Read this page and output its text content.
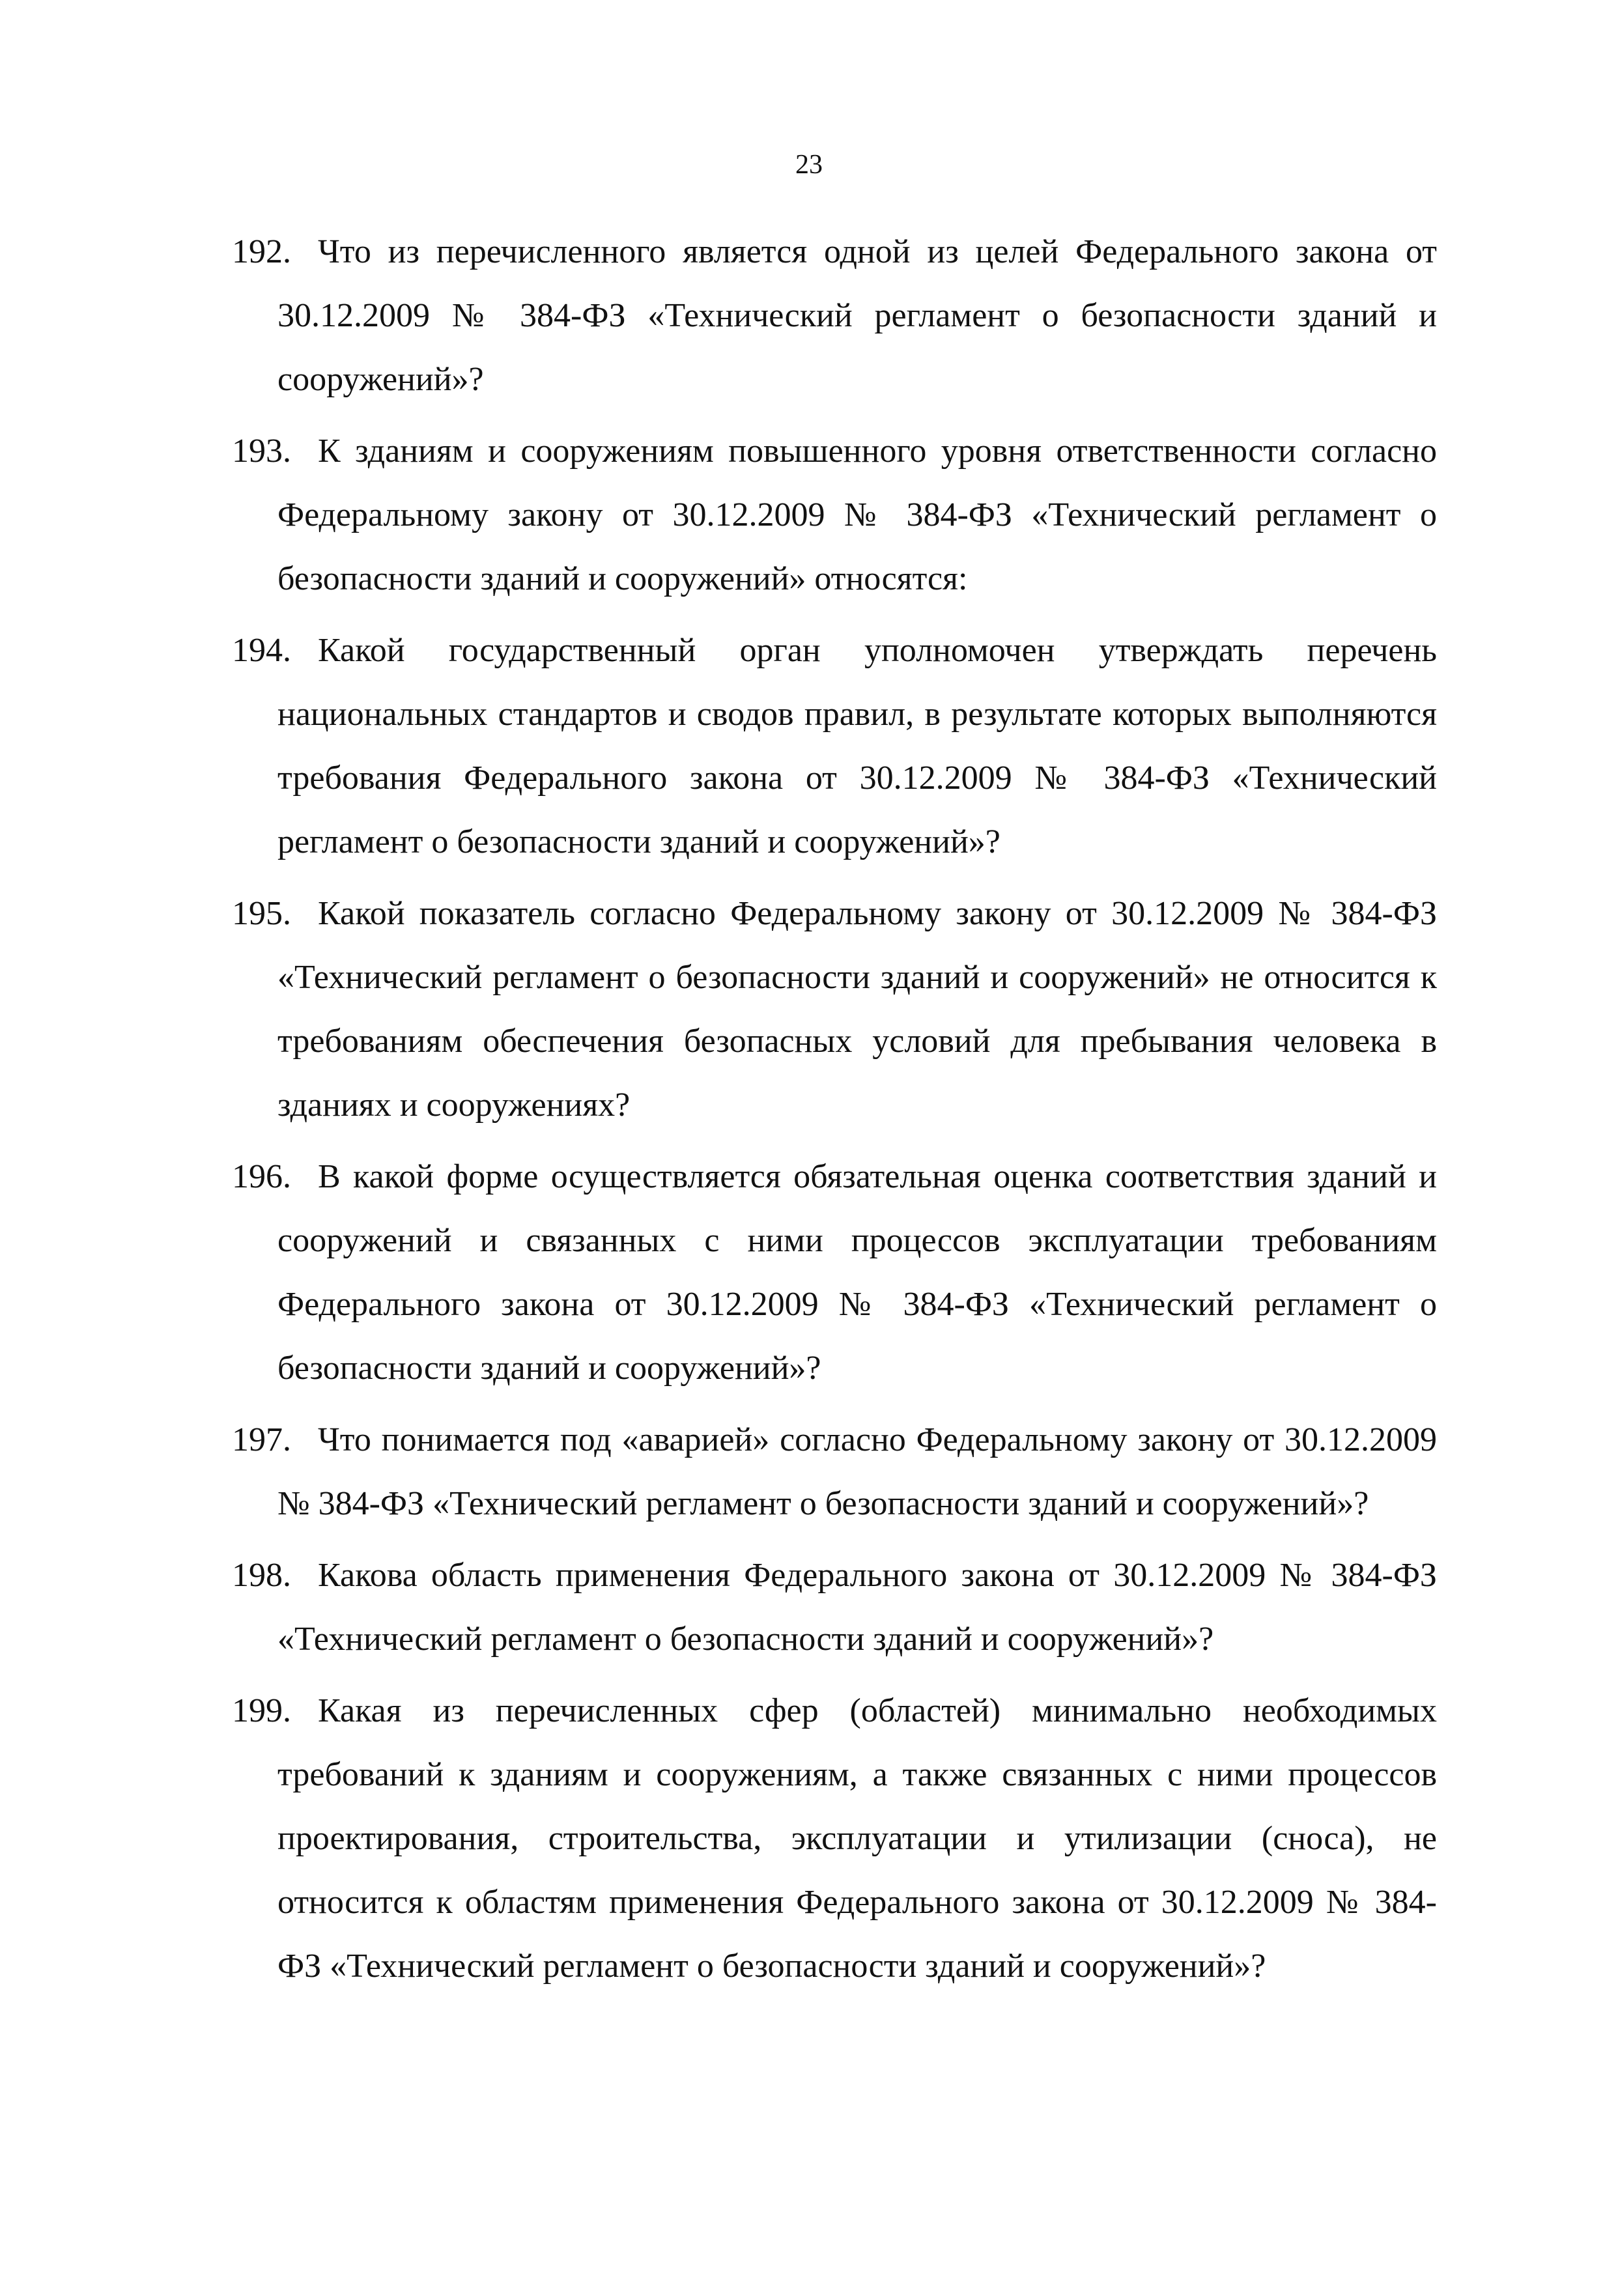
23
192. Что из перечисленного является одной из целей Федерального закона от 30.12.2009 № 384-ФЗ «Технический регламент о безопасности зданий и сооружений»?
193. К зданиям и сооружениям повышенного уровня ответственности согласно Федеральному закону от 30.12.2009 № 384-ФЗ «Технический регламент о безопасности зданий и сооружений» относятся:
194. Какой государственный орган уполномочен утверждать перечень национальных стандартов и сводов правил, в результате которых выполняются требования Федерального закона от 30.12.2009 № 384-ФЗ «Технический регламент о безопасности зданий и сооружений»?
195. Какой показатель согласно Федеральному закону от 30.12.2009 № 384-ФЗ «Технический регламент о безопасности зданий и сооружений» не относится к требованиям обеспечения безопасных условий для пребывания человека в зданиях и сооружениях?
196. В какой форме осуществляется обязательная оценка соответствия зданий и сооружений и связанных с ними процессов эксплуатации требованиям Федерального закона от 30.12.2009 № 384-ФЗ «Технический регламент о безопасности зданий и сооружений»?
197. Что понимается под «аварией» согласно Федеральному закону от 30.12.2009 № 384-ФЗ «Технический регламент о безопасности зданий и сооружений»?
198. Какова область применения Федерального закона от 30.12.2009 № 384-ФЗ «Технический регламент о безопасности зданий и сооружений»?
199. Какая из перечисленных сфер (областей) минимально необходимых требований к зданиям и сооружениям, а также связанных с ними процессов проектирования, строительства, эксплуатации и утилизации (сноса), не относится к областям применения Федерального закона от 30.12.2009 № 384-ФЗ «Технический регламент о безопасности зданий и сооружений»?
